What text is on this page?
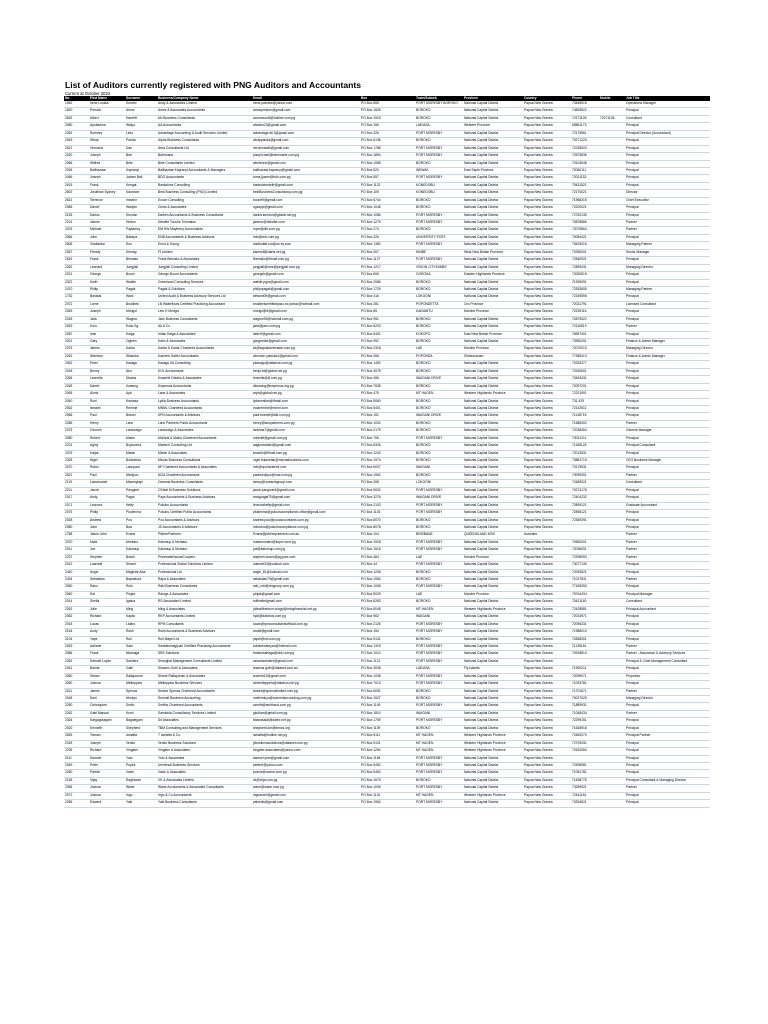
List of Auditors currently registered with PNG Auditors and Accountants
Current at October 2022
No.	First Name	Surname	Business/Company Name	Email	Box	Town/Suburb	Province	Country	Phone	Mobile	Job Title
1062	Irene Loraka	Kombo	Andy & Associates Limited	irene.pwinkiw@yahoo.com	PO Box 855	PORT MORESBY BOROKO	National Capital District	Papua New Guinea	73465515		Operations Manager
1820	Preston	Amos	Amos & Associates Accountants	amospreston@gmail.com	PO Box 1826	BOROKO	National Capital District	Papua New Guinea	74825522		Principal
2632	Albert	Harriett	Mc Business Consultants	accmcworld@hotline.com.pg	PO Box 1515	BOROKO	National Capital District	Papua New Guinea	72271105	72271106	Consultant
2080	Apoliamna	Waiyo	AA Accountants	aiwaiov23@gmail.com	PO Box 196	LAE/ASA	Western Province	Papua New Guinea	69861173		Principal
2262	Romney	Leko	Advantage Accounting & Audit Services Limited	advantage.dtl.3@gmail.com	PO Box 326	PORT MORESBY	National Capital District	Papua New Guinea	72175561		Principal Director (Accountant)
2049	Whap	Panda	Alpha Business Consultants	whappanda@gmail.com	PO Box 6136	BOROKO	National Capital District	Papua New Guinea	70271223		Principal
2621	Veronica	Dan	Aera Consultants Ltd	veronicaadk@gmail.com	PO Box 1786	PORT MORESBY	National Capital District	Papua New Guinea	72235003		Principal
2020	Joseph	Bari	Barrimane	joseph.bari@barrimane.com.pg	PO Box 1894	PORT MORESBY	National Capital District	Papua New Guinea	72579836		Principal
2066	Wilfred	Bele	Bele Consultants Limited	wbeleone@gmail.com	PO Box 1085	BOROKO	National Capital District	Papua New Guinea	70104548		Principal
2026	Balthazaar	Kapranyi	Balthazaar Kapranyi Accountants & Managers	balthazaar.kapranyi@gmail.com	PO Box 520	WEWAK	East Sepik Province	Papua New Guinea	72060111		Principal
2466	Joseph	Jodam Bali	BDO Accountants	tuma.jjosen@bdo.com.pg	PO Box 557	PORT MORESBY	National Capital District	Papua New Guinea	72021152		Principal
2615	Frank	Kengat	Bankshine Consulting	bankshinedelfr@gmail.com	PO Box 1122	KONEDOBU	National Capital District	Papua New Guinea	79431521		Principal
2602	Jonathan Sydney	Kaurdom	Best Business Consulting (PNG) Limited	bestBusinessConsultancy.com.pg	PO Box 109	KONEDOBU	National Capital District	Papua New Guinea	72170021		Director
2621	Terrence	Imbahir	Ecoon Consulting	bourie9@gmail.com	PO Box 6744	BOROKO	National Capital District	Papua New Guinea	71966315		Chief Executive
2086	Daniel	Waripin	Cristo & Associates	cgsappi@gmail.com	PO Box 1048	BOROKO	National Capital District	Papua New Guinea	72200021		Principal
2153	Darius	Kendon	Darken Accountants & Business Consultants	darius.kendon@global.net.pg	PO Box 1086	PORT MORESBY	National Capital District	Papua New Guinea	72752135		Principal
2214	James	Hirano	Deloitte Touche Tohmatsu	jamesc@deloitte.com	PO Box 1275	PORT MORESBY	National Capital District	Papua New Guinea	70878866		Partner
2076	Michael	Paylamcy	EM HW Mayberry Accountants	mpm@dlk.com.pg	PO Box 274	BOROKO	National Capital District	Papua New Guinea	72079864		Partner
2066	John	Bakepa	ENB Accountants & Business Advisors	info@enb.com.pg	PO Box 226	UNIVERSITY POST	National Capital District	Papua New Guinea	70084421		Principal
2605	Vladbuttal	Roo	Ernst & Young	vladbuttal.roo@au.ey.com	PO Box 1380	PORT MORESBY	National Capital District	Papua New Guinea	79429015		Managing Partner
2057	Freddy	Kemag	Ff Limited	kamesff@darts.net.pg	PO Box 267	KIMBE	West New Britain Province	Papua New Guinea	70390001		Senior Manager
2616	Frank	Bemako	Frank Bemako & Associates	fbemako@frmail.com.pg	PO Box 1127	PORT MORESBY	National Capital District	Papua New Guinea	72840921		Principal
2262	Leonard	Jungjiall	Jungjiall Consulting Limited	jungjiall@oms@jungjiall.com.pg	PO Box 1217	VISION CITY/NIMBY	National Capital District	Papua New Guinea	72899431		Managing Director
2021	George	Bourn	George Bourn Accountants	georgeb@gmail.com	PO Box 606	GOROKA	Eastern Highlands Province	Papua New Guinea	72050519		Principal
2322	Keith	Wabile	Greenland Consulting Services	wabile.pgcs@gmail.com	PO Box 2086	BOROKO	National Capital District	Papua New Guinea	71925091		Principal
2470	Philip	Pagak	Pagak & Solutions	philiprpagak@gmail.com	PO Box 1729	BOROKO	National Capital District	Papua New Guinea	72353605		Managing Partner
1732	Barakai	Wani	United Audit & Business Advisory Services Ltd	aewani09@gmail.com	PO Box 416	LOKOONI	National Capital District	Papua New Guinea	72349595		Principal
2072	Lorne	Brukibek	LB Waterflows Certified Practicing Accountant	brukibekcertifiedpacc.ec.yahoo@hotmail.com	PO Box 281	POPONDETTA	Oro Province	Papua New Guinea	72021791		Licensed Consultant
2045	Joseph	Mongol	Lew H Mongol	mongolj94@gmail.com	PO Box 85	KAINANTU	Morobe Province	Papua New Guinea	72239116		Principal
2018	Jack	Wagmo	Jack Business Consultants	wagmo93@hotmail.com.pg	PO Box 951	BOROKO	National Capital District	Papua New Guinea	72879022		Principal
2049	Koro	Eollo Sg	Ak & Co.	jami@jaso.com.pg	PO Box 5203	BOROKO	National Capital District	Papua New Guinea	72116913		Partner
2287	Ivan	Kaiga	Iridan Kaiga & Associates	iabrn9@gmail.com	PO Box 5401	KOKOPO	East New Britain Province	Papua New Guinea	76957401		Principal
2021	Gary	Ogleen	Kaim & Associates	garypmike@gmail.com	PO Box 992	BOROKO	National Capital District	Papua New Guinea	73950201		Finance & Admin Manager
2076	James	Karlar	Karlar & Karlar Chartered Accountants	kk@kapaisanetrader.com.pg	PO Box 2318	LAE	Morobe Province	Papua New Guinea	72070010		Managing Director
2262	Wlendon	Wlasuka	Kashem Satter Accountants	wlendon.yalsuka1@gmail.com	PO Box 266	POPONDA	Simbunanam	Papua New Guinea	77389413		Finance & Admin Manager
2062	Peter	Kasagu	Kasagu IIA Consulting	pkasagu@datahos.com.pg	PO Box 1490	BOROKO	National Capital District	Papua New Guinea	70325377		Principal
2018	Benny	Abu	KGL Accountants	benju.kt@global.net.pg	PO Box 3078	BOROKO	National Capital District	Papua New Guinea	73150601		Principal
2265	Leonella	Dlaahs	Kwaeklé Dlaahs & Associates	leonella@kl.com.pg	PO Box 456	WAIGANI DRIVE	National Capital District	Papua New Guinea	73463431		Principal
2248	Daniel	Kwanng	Kwyemus Accountants	dkwanng@kwyemus.org.pg	PO Box 7538	BOROKO	National Capital District	Papua New Guinea	72097201		Principal
2065	Alonk	Ayb	Lane & Associates	aryb@global.net.pg	PO Box 475	MT HAGEN	Western Highlands Province	Papua New Guinea	72221901		Principal
2040	Ruel	Kamasa	Lydia Business Accountants	lydammlian@tfmail.com	PO Box 5060	BOROKO	National Capital District	Papua New Guinea	731.429		Principal
2062	Ismaiel	Remine	MNML Chartered Accountants	inoaremine@mnml.com	PO Box 5401	BOROKO	National Capital District	Papua New Guinea	72142511		Principal
2066	Paul	Branel	KPN Accountants & Advisors	paul.bramel@kllk.com.pg	PO Box 151	WAIGANI DRIVE	National Capital District	Papua New Guinea	71148715		Principal
2286	Henry	Lanc	Lanc Partners Public Accountants	henry@lancpartners.com.pg	PO Box 1004	BOROKO	National Capital District	Papua New Guinea	71588302		Partner
2075	Crinoon	Landuatgo	Landuatgo & Associates	lankima7@gmail.com	PO Box 2175	BOROKO	National Capital District	Papua New Guinea	72038464		General Manager
2080	Robert	Mains	McNeal & Mains Chartered Accountants	robertkf@gmail.com.pg	PO Box 706	PORT MORESBY	National Capital District	Papua New Guinea	73041211		Principal
2231	Aginy	Boylowina	Martech Consulting Ltd	aagionanbal4@gmail.com	PO Box 6326	BOROKO	National Capital District	Papua New Guinea	71168125		Principal Consultant
2076	Kaipa	Martin	Martin & Associates	kmartin@tfmail.com.pg	PO Box 1240	BOROKO	National Capital District	Papua New Guinea	72013531		Principal
2328	Nigel	Bulanetau	Mecas Business Consultants	nigel.bulanetau@mecasbusiness.com	PO Box 1974	BOROKO	National Capital District	Papua New Guinea	73881719		CEO Business Manager
2070	Robin	Lannpaur	NP Chartered Accountants & Associates	info@npchartered.com	PO Box 6007	WAIGANI	National Capital District	Papua New Guinea	70175531		Principal
2521	Paul	Mediyuo	NGA Chartered Accountants	paulmediyuo@nca.com.pg	PO Box 1962	BOROKO	National Capital District	Papua New Guinea	73099301		Partner
2119	Lamotuanel	Mwamylapi	Oceania Business Consultants	lamoy@oceaniagroup.com	PO Box 268	LOKOONI	National Capital District	Papua New Guinea	72489021		Consultant
2211	Jacob	Pangioet	O'Neal M Business Solutions	jacob.pangioet4@gmail.com	PO Box 5002	PORT MORESBY	National Capital District	Papua New Guinea	70274178		Principal
2017	Andy	Pagai	Paya Accountants & Business Advisors	andypagai70@gmail.com	PO Box 3276	WAIGANI DRIVE	National Capital District	Papua New Guinea	72404232		Principal
2071	Leonora	Hetty	Pokuiru Accountants	leonorahetty@gmail.com	PO Box 2103	PORT MORESBY	National Capital District	Papua New Guinea	72899121		Graduate Accountant
2075	Philip	Pludenma	Pokuiru Certified Public Accountants	pludenma@pokuirucompliance.office@gmail.com	PO Box 1103	PORT MORESBY	National Capital District	Papua New Guinea	72898121		Principal
2028	Andrew	Pou	Pou Accountants & Advisors	andrew.pou@pouaccountants.com.pg	PO Box 8070	BOROKO	National Capital District	Papua New Guinea	72369291		Principal
2080	John	Bua	JS Accountants & Advisors	infoedou@pokuirucompliance.com.pg	PO Box 8078	BOROKO	National Capital District	Papua New Guinea			Principal
1758	Jason John	Evans	PitcherPartners	Evans@pitcherpartners.com.au	PO Box 104	BRISBANE	QUEENSLAND 4000	Australia			Partner
2070	Mark	Montaro	Katumup & Montaro	markmontaro@kopm.com.pg	PO Box 1518	PORT MORESBY	National Capital District	Papua New Guinea	70982001		Partner
2011	Joe	Katumup	Katumup & Montaro	joe@katumup.com.pg	PO Box 1518	PORT MORESBY	National Capital District	Papua New Guinea	72036001		Partner
2237	Stephen	Bosch	PricewaterhouseCoopers	stephen.bosch@pg.pwc.com	PO Box 484	LAE	Morobe Province	Papua New Guinea	72298053		Partner
2012	Luanwel	Shwurt	Professional Global Solutions Limited	luanwel33@outlook.com	PO Box 44	PORT MORESBY	National Capital District	Papua New Guinea	73077139		Principal
2440	Angie	Magistre Aise	Professional Ltd	angie_81@hotmail.com	PO Box 1208	BOROKO	National Capital District	Papua New Guinea	72093521		Principal
2434	Sebastian	Bapabuna	Rapa & Associates	sebastian79@gmail.com	PO Box 1954	BOROKO	National Capital District	Papua New Guinea	71017841		Partner
2050	Raku	Roki	Raki Business Consultants	raki_roki@rbcgroup.com.pg	PO Box 1008	PORT MORESBY	National Capital District	Papua New Guinea	77165253		Principal
2060	Kai	Pinjao	Rainge & Associates	pinjak@gmail.com	PO Box 5029	LAE	Morobe Province	Papua New Guinea	79764434		Principal Manager
2014	Sheila	Igatua	RS Associated Limited	rsitlimitedgmail.com	PO Box 6263	BOROKO	National Capital District	Papua New Guinea	70421160		Consultant
2262	Julie	Ming	Ming & Associates	juliewilfredson.wingyi@mingfinancial.net.pg	PO Box 6048	MT HAGEN	Western Highlands Province	Papua New Guinea	72428981		Principal Accountant
2082	Richard	Kapilo	RKP Accountants Limited	ripkl@datahos.com.pg	PO Box 962	WAIGANI	National Capital District	Papua New Guinea	72024971		Principal
2018	Lucas	Lidaro	RPM Consultants	lucas@rpmconsultantsofficial.com.pg	PO Box 2126	PORT MORESBY	National Capital District	Papua New Guinea	72096331		Principal
2164	Andy	Rubli	Rubli Accountants & Business Advisors	arubli@gmail.com	PO Box 154	PORT MORESBY	National Capital District	Papua New Guinea	71988010		Principal
2104	Yape	Ruli	Ruli Mapel Ltd	yapel@ruli.com.pg	PO Box 5131	BOROKO	National Capital District	Papua New Guinea	72838301		Principal
2049	Adriane	Sato	Sankakunagiyoki Certified Practicing Accountants	adrianesatoyan@hotmail.com	PO Box 1319	PORT MORESBY	National Capital District	Papua New Guinea	71135181		Partner
2086	Frank	Nkanaga	SBS Solutions	frankmkanaga@sbs.com.pg	PO Box 1014	PORT MORESBY	National Capital District	Papua New Guinea	70918810		Partner - Assurance & Advisory Services
2262	Samuel Loyde	Sanders	Shanghai Management Consultants Limited	sssamsanders@gmail.com	PO Box 1121	PORT MORESBY	National Capital District	Papua New Guinea			Principal & Chief Management Consultant
2041	Bande	Gath	Shawns Guth & Associates	shawns.guth@datanet.com.au	PO Box 3038	LAE/ASA	Fly Islands	Papua New Guinea	71990211		Principal
2060	Steam	Rallapurum	Shane Rallapurum & Associates	srcmeb19@gmail.com	PO Box 1038	PORT MORESBY	National Capital District	Papua New Guinea	72099071		Proprietor
2060	Joshua	Metleppelo	Metleppelo Business Services	stmeetleppelo@datahos.net.pg	PO Box 7013	PORT MORESBY	National Capital District	Papua New Guinea	71093781		Principal
2011	James	Spenos	Stokes Spenos Chartered Accountants	stokes@spenoslimited.com.pg	PO Box 6051	BOROKO	National Capital District	Papua New Guinea	71701671		Partner
2048	Noel	Nimkyo	Summit Business Accounting	noelnimkyo@summitaccounting.com.pg	PO Box 1527	BOROKO	National Capital District	Papua New Guinea	70027025		Managing Director
2280	Christopher	Smith	Smiths Chartered Accountants	csmith@smithsca.com.pg	PO Box 1149	PORT MORESBY	National Capital District	Papua New Guinea	71889931		Principal
2262	Gabi Manual	Kumi	Samidula Consultancy Services Limited	gkullum@gmail.com.pg	PO Box 1810	WAIGANI	National Capital District	Papua New Guinea	71048434		Partner
2334	Kargagolagam	Bagalegam	Sri Associates	kbanasalat@datec.net.pg	PO Box 1759	PORT MORESBY	National Capital District	Papua New Guinea	72299151		Principal
2020	Kenneth	Shepherd	TBM Consulting and Management Services	shepherd.km@tbmcs.org	PO Box 1109	BOROKO	National Capital District	Papua New Guinea	71646918		Principal
2625	Tomasi	Iamatta	T Iamatta & Co.	iamatta@hotline.net.pg	PO Box 5111	MT HAGEN	Western Highlands Province	Papua New Guinea	72460070		Principal Partner
2018	Joseph	Venito	Venito Business Solutions	jvbusinesssolutions@datanet.com.pg	PO Box 5101	MT HAGEN	Western Highlands Province	Papua New Guinea	72709431		Principal
2235	Richard	Vingaler	Vingaler & Associates	vingaler.associates@yahoo.com	PO Box 1254	MT HAGEN	Western Highlands Province	Papua New Guinea	70162084		Principal
2111	Samuel	Yoto	Yoto & Associates	samuel.yoto@gmail.com	PO Box 1184	PORT MORESBY	National Capital District	Papua New Guinea			Principal
2049	Peter	Pupek	Universal Business Services	peterel@yahoo.com	PO Box 5452	PORT MORESBY	National Capital District	Papua New Guinea	72496981		Principal
2280	Patrick	Vavie	Vavie & Associates	pvavie@ravine.com.pg	PO Box 5460	PORT MORESBY	National Capital District	Papua New Guinea	71081781		Principal
2148	Vijay	Raghavan	VK & Associates Limited	vk@vkja.com.pg	PO Box 1679	BOROKO	National Capital District	Papua New Guinea	71498775		Principal Consultant & Managing Director
2056	Joshua	Wane	Wane Accountants & Associated Consultants	wane@wane.com.pg	PO Box 1006	PORT MORESBY	National Capital District	Papua New Guinea	73289921		Partner
2072	Joshua	Ingo	Ingo & Co Accountants	ingoaccnt@gmail.com	PO Box 1131	MT HAGEN	Western Highlands Province	Papua New Guinea	72441181		Principal
2286	Edward	Yaki	Yaki Business Consultants	yakiedw@gmail.com	PO Box 1962	PORT MORESBY	National Capital District	Papua New Guinea	73394821		Principal
